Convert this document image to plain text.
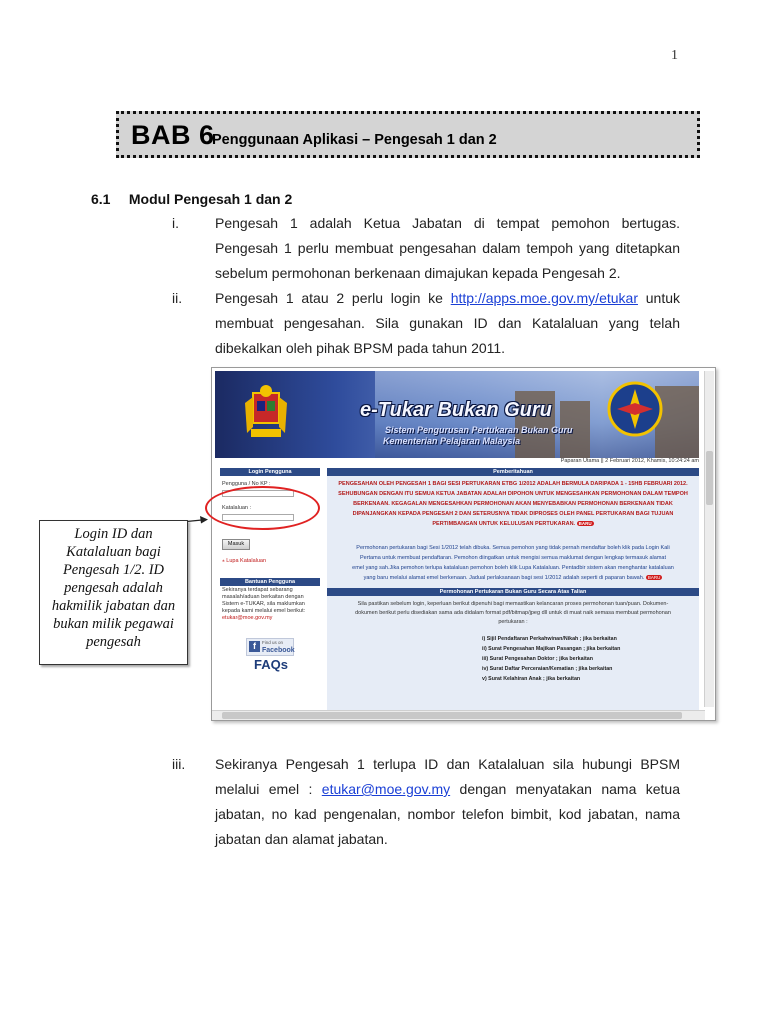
1
BAB 6
Penggunaan Aplikasi – Pengesah 1 dan 2
6.1 Modul Pengesah 1 dan 2
i.	Pengesah 1 adalah Ketua Jabatan di tempat pemohon bertugas. Pengesah 1 perlu membuat pengesahan dalam tempoh yang ditetapkan sebelum permohonan berkenaan dimajukan kepada Pengesah 2.
ii. Pengesah 1 atau 2 perlu login ke http://apps.moe.gov.my/etukar untuk membuat pengesahan. Sila gunakan ID dan Katalaluan yang telah dibekalkan oleh pihak BPSM pada tahun 2011.
e-Tukar Bukan Guru
Sistem Pengurusan Pertukaran Bukan Guru
Kementerian Pelajaran Malaysia
Paparan Utama || 2 Februari 2012, Khamis, 10:24:24 am
Login Pengguna
Pengguna / No KP :
Katalaluan :
Masuk
⁎ Lupa Katalaluan
Bantuan Pengguna
Sekiranya terdapat sebarang masalah/aduan berkaitan dengan Sistem e-TUKAR, sila maklumkan kepada kami melalui emel berikut:
etukar@moe.gov.my
f	Find us on
Facebook
FAQs
Pemberitahuan
PENGESAHAN OLEH PENGESAH 1 BAGI SESI PERTUKARAN ETBG 1/2012 ADALAH BERMULA DARIPADA 1 - 15HB FEBRUARI 2012.
SEHUBUNGAN DENGAN ITU SEMUA KETUA JABATAN ADALAH DIPOHON UNTUK MENGESAHKAN PERMOHONAN DALAM TEMPOH
BERKENAAN. KEGAGALAN MENGESAHKAN PERMOHONAN AKAN MENYEBABKAN PERMOHONAN BERKENAAN TIDAK
DIPANJANGKAN KEPADA PENGESAH 2 DAN SETERUSNYA TIDAK DIPROSES OLEH PANEL PERTUKARAN BAGI TUJUAN
PERTIMBANGAN UNTUK KELULUSAN PERTUKARAN. BARU
Permohonan pertukaran bagi Sesi 1/2012 telah dibuka. Semua pemohon yang tidak pernah mendaftar boleh klik pada Login Kali
Pertama untuk membuat pendaftaran. Pemohon diingatkan untuk mengisi semua maklumat dengan lengkap termasuk alamat
emel yang sah.Jika pemohon terlupa katalaluan pemohon boleh klik Lupa Katalaluan. Pentadbir sistem akan menghantar katalaluan
yang baru melalui alamat emel berkenaan. Jadual perlaksanaan bagi sesi 1/2012 adalah seperti di paparan bawah. BARU
Permohonan Pertukaran Bukan Guru Secara Atas Talian
Sila pastikan sebelum login, keperluan berikut dipenuhi bagi memastikan kelancaran proses permohonan tuan/puan. Dokumen-
dokumen berikut perlu disediakan sama ada didalam format pdf/bitmap/jpeg dll untuk di muat naik semasa membuat permohonan
pertukaran :
i) Sijil Pendaftaran Perkahwinan/Nikah ; jika berkaitan
ii) Surat Pengesahan Majikan Pasangan ; jika berkaitan
iii) Surat Pengesahan Doktor ; jika berkaitan
iv) Surat Daftar Perceraian/Kematian ; jika berkaitan
v) Surat Kelahiran Anak ; jika berkaitan
Login ID dan Katalaluan bagi Pengesah 1/2. ID pengesah adalah hakmilik jabatan dan bukan milik pegawai pengesah
iii. Sekiranya Pengesah 1 terlupa ID dan Katalaluan sila hubungi BPSM melalui emel : etukar@moe.gov.my dengan menyatakan nama ketua jabatan, no kad pengenalan, nombor telefon bimbit, kod jabatan, nama jabatan dan alamat jabatan.
